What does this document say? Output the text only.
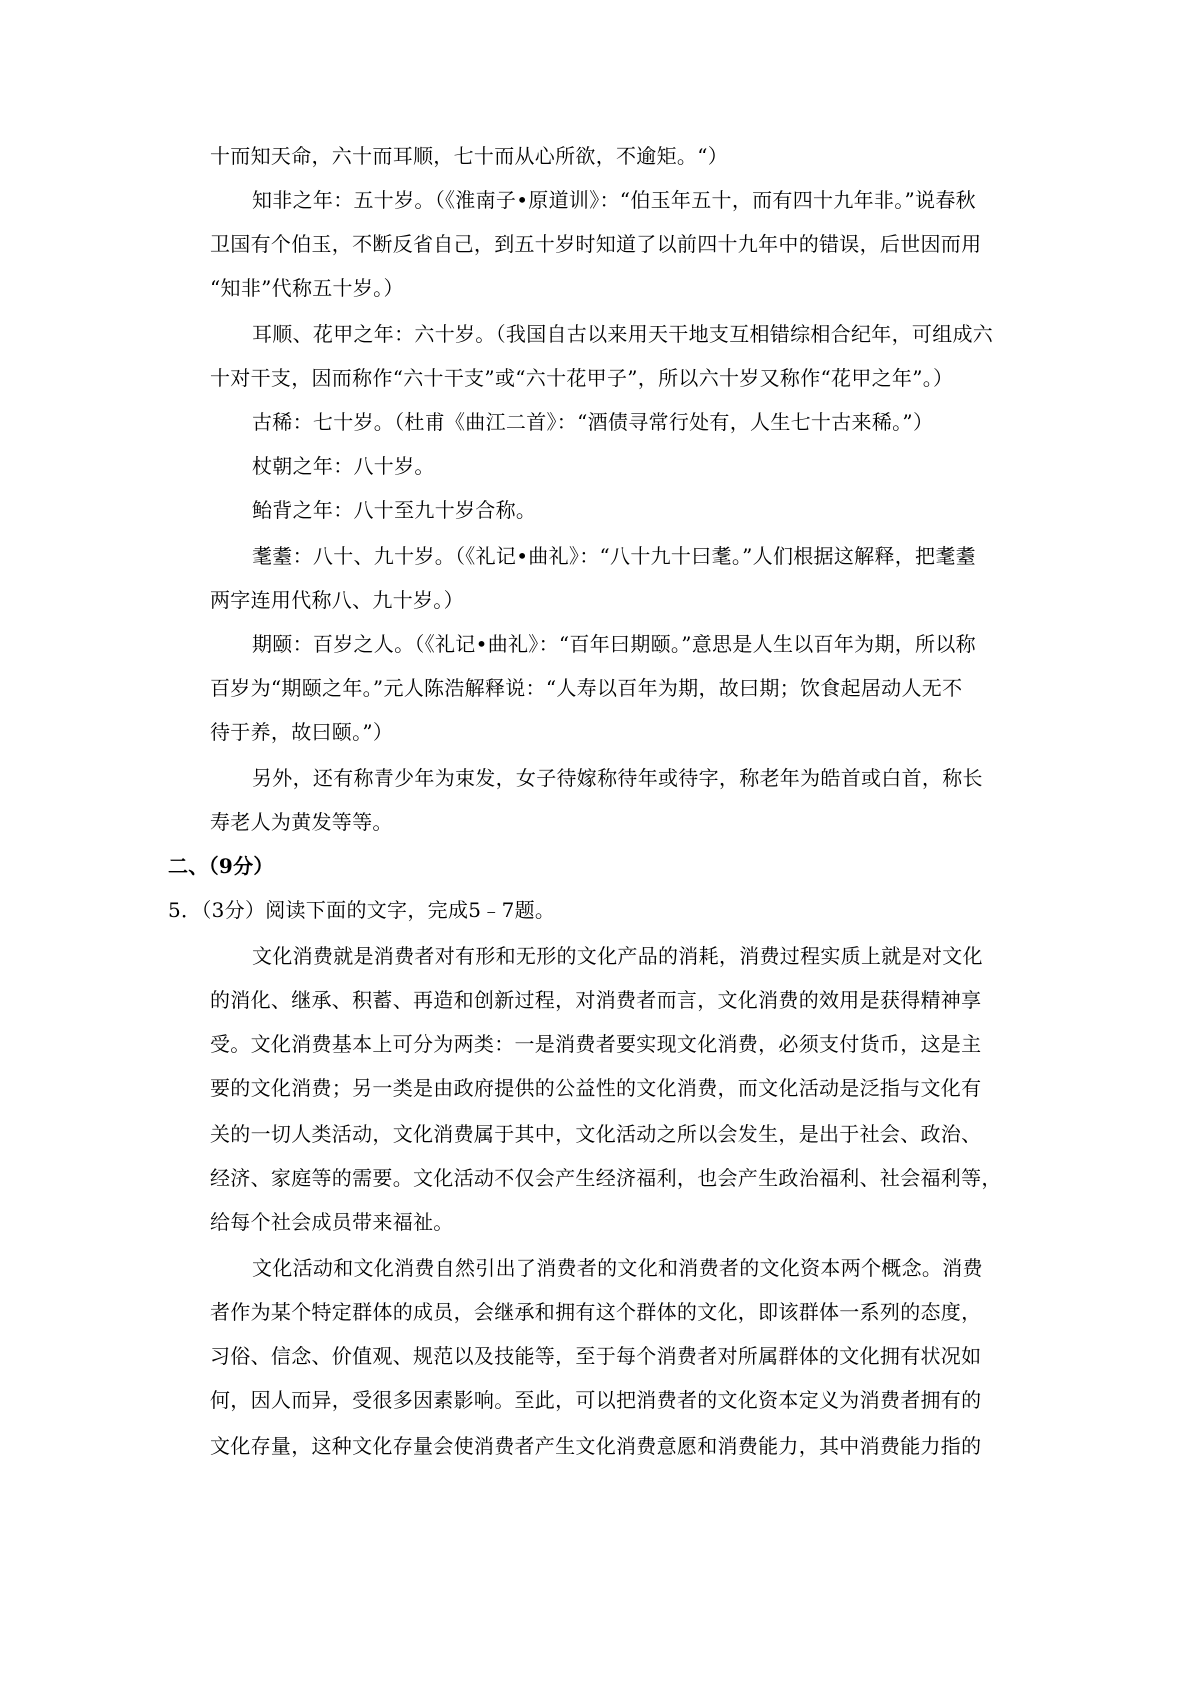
十而知天命，六十而耳顺，七十而从心所欲，不逾矩。“）
知非之年：五十岁。（《淮南子•原道训》：“伯玉年五十，而有四十九年非。”说春秋
卫国有个伯玉，不断反省自己，到五十岁时知道了以前四十九年中的错误，后世因而用
“知非”代称五十岁。）
耳顺、花甲之年：六十岁。（我国自古以来用天干地支互相错综相合纪年，可组成六
十对干支，因而称作“六十干支”或“六十花甲子”，所以六十岁又称作“花甲之年”。）
古稀：七十岁。（杜甫《曲江二首》：“酒债寻常行处有，人生七十古来稀。”）
杖朝之年：八十岁。
鲐背之年：八十至九十岁合称。
耄耋：八十、九十岁。（《礼记•曲礼》：“八十九十曰耄。”人们根据这解释，把耄耋
两字连用代称八、九十岁。）
期颐：百岁之人。（《礼记•曲礼》：“百年曰期颐。”意思是人生以百年为期，所以称
百岁为“期颐之年。”元人陈浩解释说：“人寿以百年为期，故曰期；饮食起居动人无不
待于养，故曰颐。”）
另外，还有称青少年为束发，女子待嫁称待年或待字，称老年为皓首或白首，称长
寿老人为黄发等等。
二、（9分）
5．（3分）阅读下面的文字，完成5﹣7题。
文化消费就是消费者对有形和无形的文化产品的消耗，消费过程实质上就是对文化
的消化、继承、积蓄、再造和创新过程，对消费者而言，文化消费的效用是获得精神享
受。文化消费基本上可分为两类：一是消费者要实现文化消费，必须支付货币，这是主
要的文化消费；另一类是由政府提供的公益性的文化消费，而文化活动是泛指与文化有
关的一切人类活动，文化消费属于其中，文化活动之所以会发生，是出于社会、政治、
经济、家庭等的需要。文化活动不仅会产生经济福利，也会产生政治福利、社会福利等，
给每个社会成员带来福祉。
文化活动和文化消费自然引出了消费者的文化和消费者的文化资本两个概念。消费
者作为某个特定群体的成员，会继承和拥有这个群体的文化，即该群体一系列的态度，
习俗、信念、价值观、规范以及技能等，至于每个消费者对所属群体的文化拥有状况如
何，因人而异，受很多因素影响。至此，可以把消费者的文化资本定义为消费者拥有的
文化存量，这种文化存量会使消费者产生文化消费意愿和消费能力，其中消费能力指的
